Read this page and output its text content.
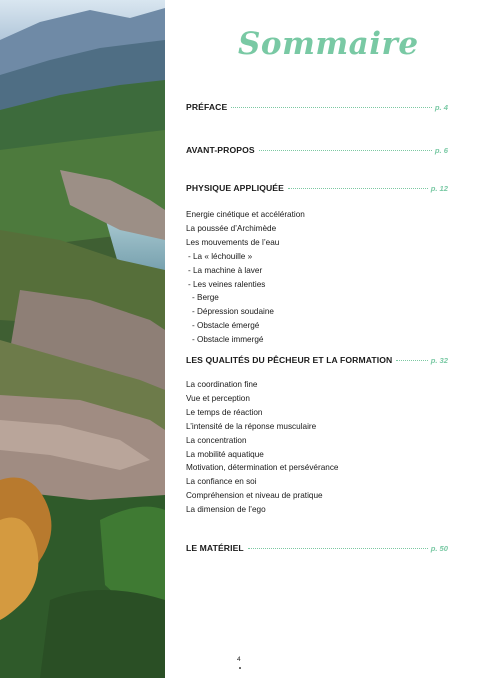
Sommaire
PRÉFACE	p. 4
AVANT-PROPOS	p. 6
PHYSIQUE APPLIQUÉE	p. 12
Energie cinétique et accélération
La poussée d’Archimède
Les mouvements de l’eau
- La « léchouille »
- La machine à laver
- Les veines ralenties
- Berge
- Dépression soudaine
- Obstacle émergé
- Obstacle immergé
LES QUALITÉS DU PÊCHEUR ET LA FORMATION	p. 32
La coordination fine
Vue et perception
Le temps de réaction
L’intensité de la réponse musculaire
La concentration
La mobilité aquatique
Motivation, détermination et persévérance
La confiance en soi
Compréhension et niveau de pratique
La dimension de l’ego
LE MATÉRIEL	p. 50
4
